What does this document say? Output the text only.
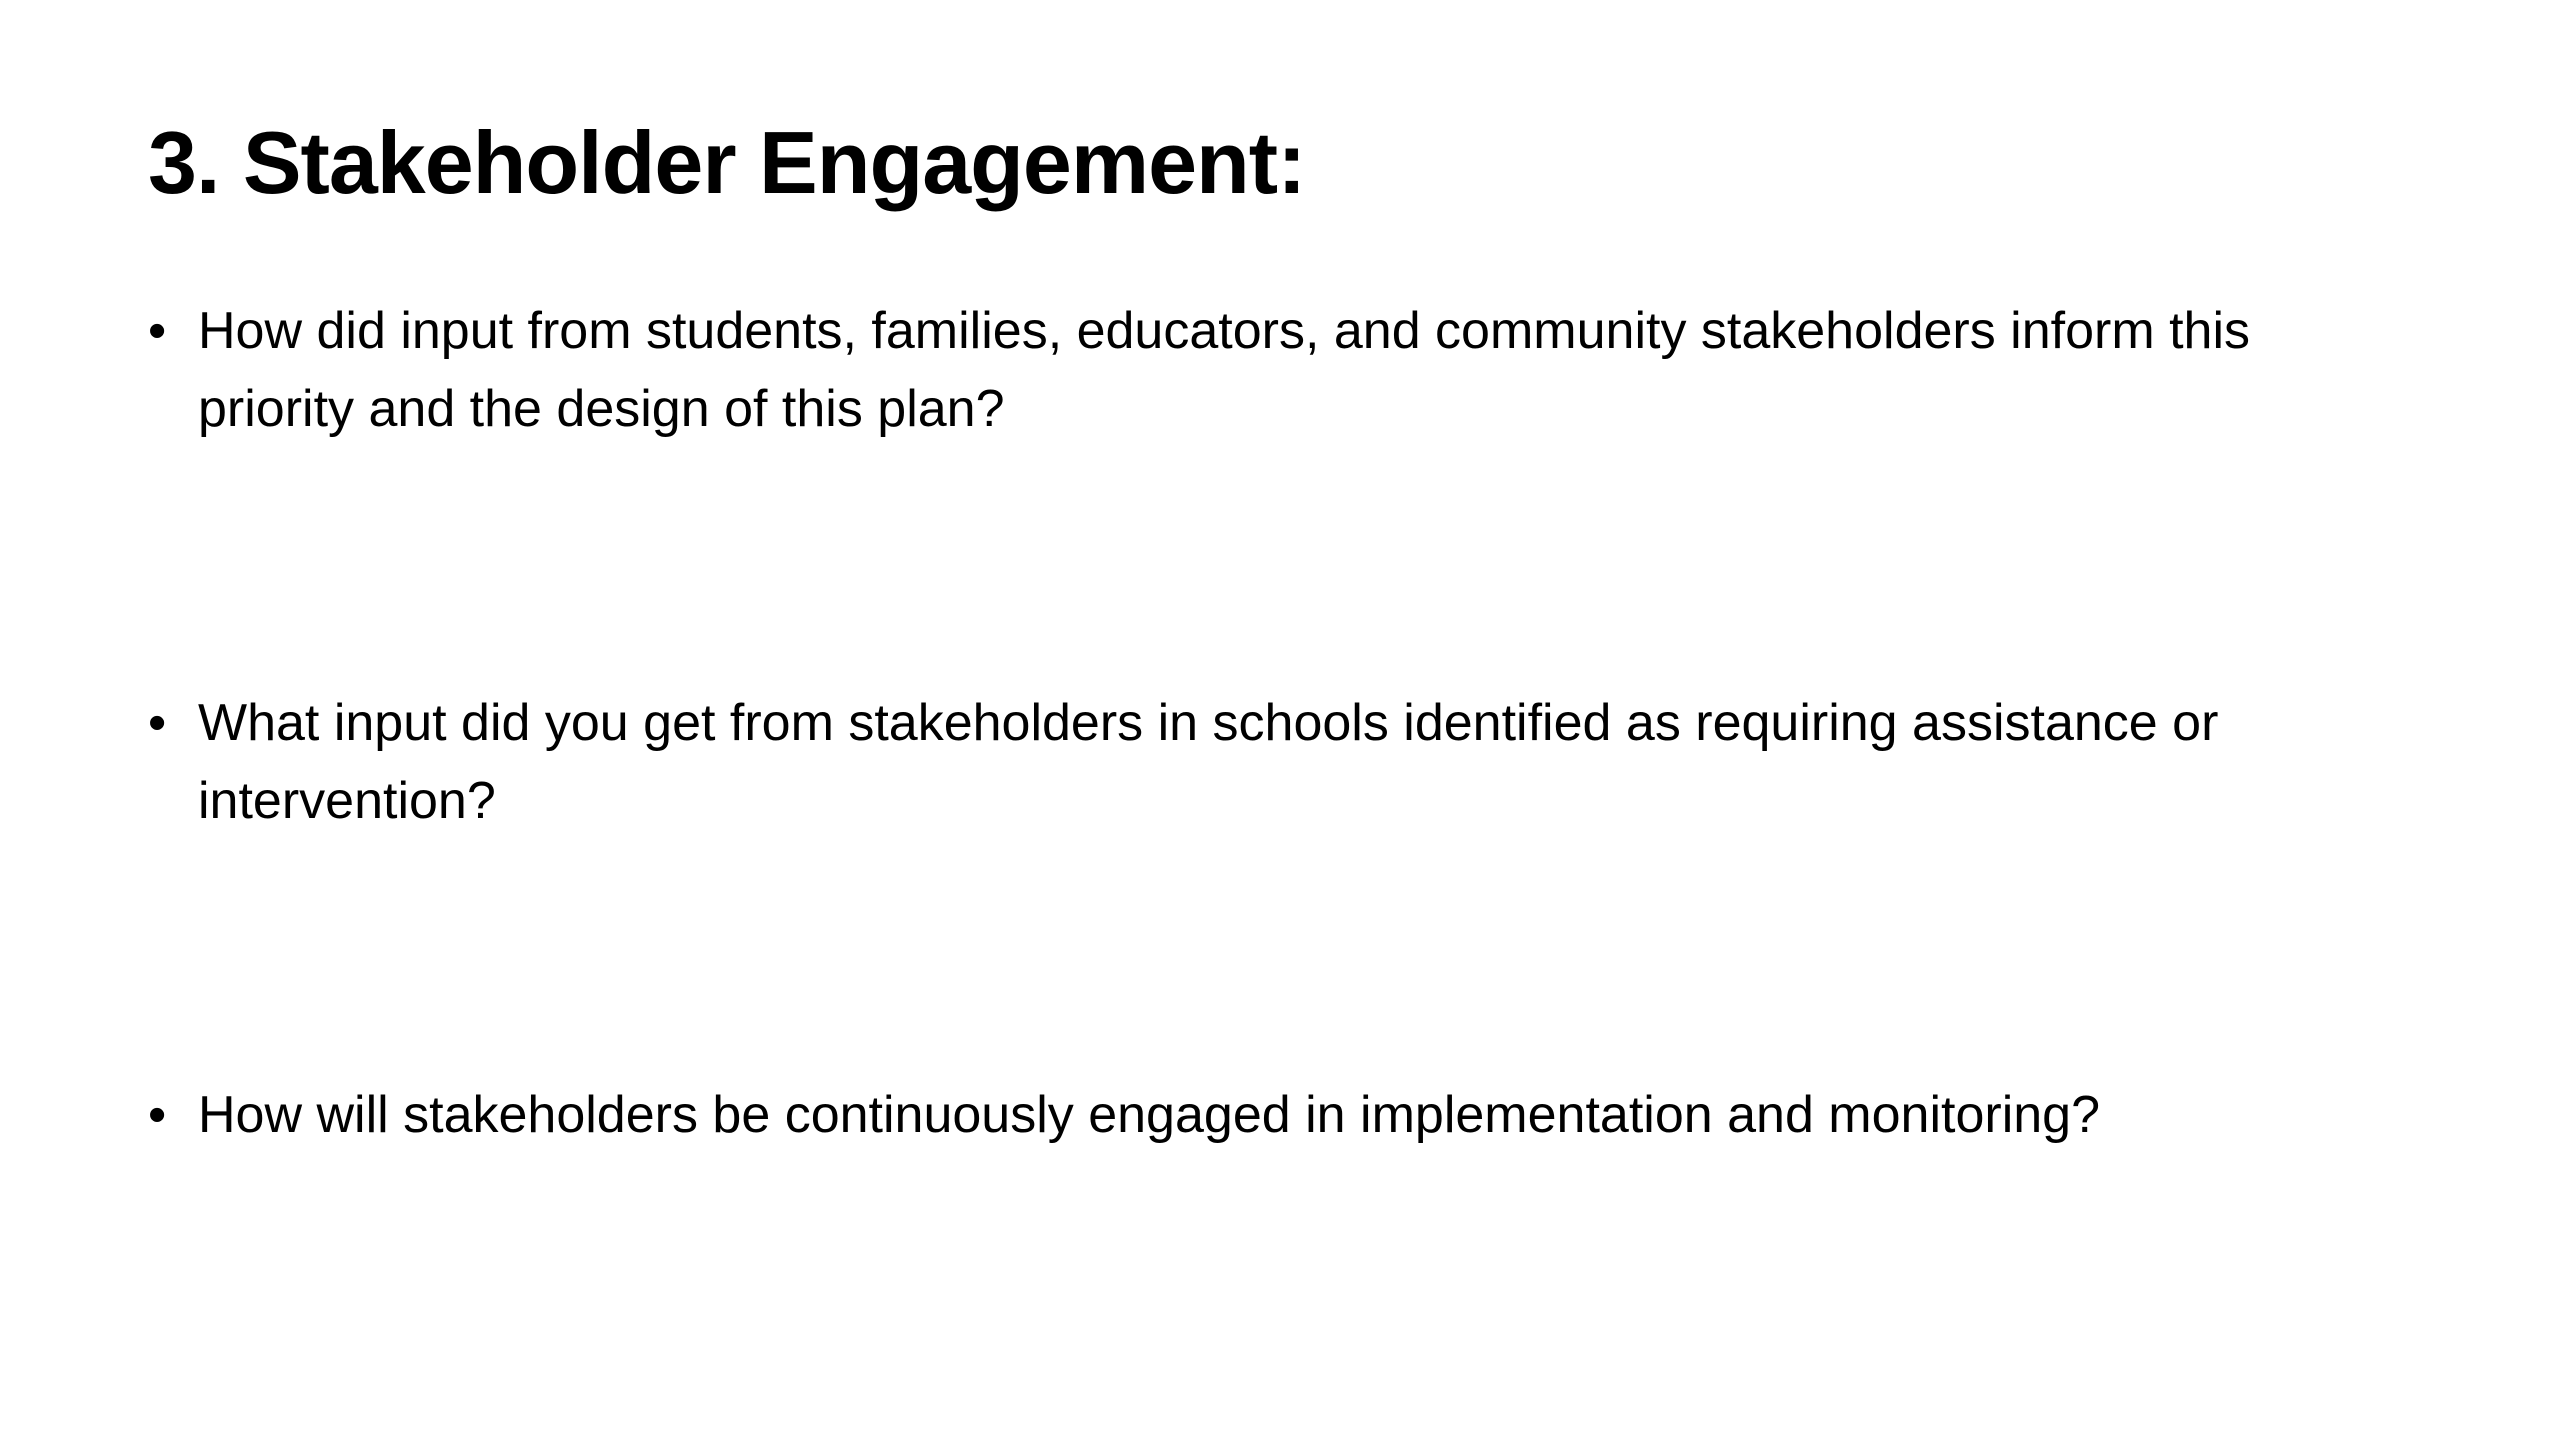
3. Stakeholder Engagement:
• How did input from students, families, educators, and community stakeholders inform this priority and the design of this plan?
• What input did you get from stakeholders in schools identified as requiring assistance or intervention?
• How will stakeholders be continuously engaged in implementation and monitoring?
